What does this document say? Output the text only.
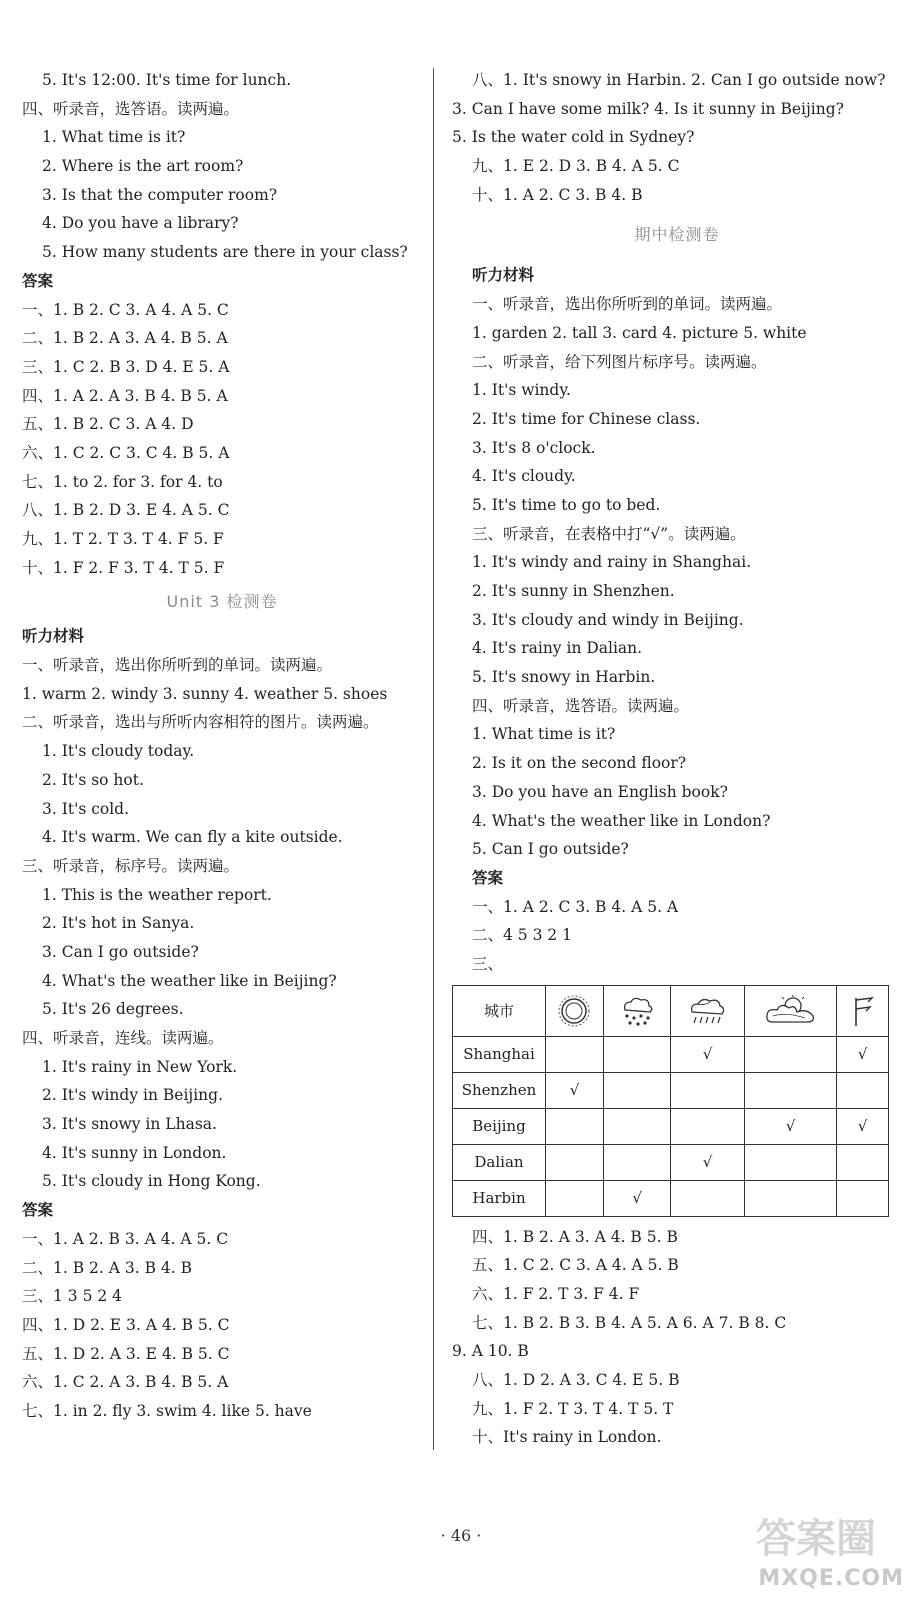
5. It's 12:00. It's time for lunch.
四、听录音，选答语。读两遍。
1. What time is it?
2. Where is the art room?
3. Is that the computer room?
4. Do you have a library?
5. How many students are there in your class?
答案
一、1. B 2. C 3. A 4. A 5. C
二、1. B 2. A 3. A 4. B 5. A
三、1. C 2. B 3. D 4. E 5. A
四、1. A 2. A 3. B 4. B 5. A
五、1. B 2. C 3. A 4. D
六、1. C 2. C 3. C 4. B 5. A
七、1. to 2. for 3. for 4. to
八、1. B 2. D 3. E 4. A 5. C
九、1. T 2. T 3. T 4. F 5. F
十、1. F 2. F 3. T 4. T 5. F
Unit 3 检测卷
听力材料
一、听录音，选出你所听到的单词。读两遍。
1. warm 2. windy 3. sunny 4. weather 5. shoes
二、听录音，选出与所听内容相符的图片。读两遍。
1. It's cloudy today.
2. It's so hot.
3. It's cold.
4. It's warm. We can fly a kite outside.
三、听录音，标序号。读两遍。
1. This is the weather report.
2. It's hot in Sanya.
3. Can I go outside?
4. What's the weather like in Beijing?
5. It's 26 degrees.
四、听录音，连线。读两遍。
1. It's rainy in New York.
2. It's windy in Beijing.
3. It's snowy in Lhasa.
4. It's sunny in London.
5. It's cloudy in Hong Kong.
答案
一、1. A 2. B 3. A 4. A 5. C
二、1. B 2. A 3. B 4. B
三、1 3 5 2 4
四、1. D 2. E 3. A 4. B 5. C
五、1. D 2. A 3. E 4. B 5. C
六、1. C 2. A 3. B 4. B 5. A
七、1. in 2. fly 3. swim 4. like 5. have
八、1. It's snowy in Harbin. 2. Can I go outside now?
3. Can I have some milk? 4. Is it sunny in Beijing?
5. Is the water cold in Sydney?
九、1. E 2. D 3. B 4. A 5. C
十、1. A 2. C 3. B 4. B
期中检测卷
听力材料
一、听录音，选出你所听到的单词。读两遍。
1. garden 2. tall 3. card 4. picture 5. white
二、听录音，给下列图片标序号。读两遍。
1. It's windy.
2. It's time for Chinese class.
3. It's 8 o'clock.
4. It's cloudy.
5. It's time to go to bed.
三、听录音，在表格中打“√”。读两遍。
1. It's windy and rainy in Shanghai.
2. It's sunny in Shenzhen.
3. It's cloudy and windy in Beijing.
4. It's rainy in Dalian.
5. It's snowy in Harbin.
四、听录音，选答语。读两遍。
1. What time is it?
2. Is it on the second floor?
3. Do you have an English book?
4. What's the weather like in London?
5. Can I go outside?
答案
一、1. A 2. C 3. B 4. A 5. A
二、4 5 3 2 1
三、
城市	

Shanghai			√		√
Shenzhen	√				
Beijing				√	√
Dalian			√		
Harbin		√			
四、1. B 2. A 3. A 4. B 5. B
五、1. C 2. C 3. A 4. A 5. B
六、1. F 2. T 3. F 4. F
七、1. B 2. B 3. B 4. A 5. A 6. A 7. B 8. C
9. A 10. B
八、1. D 2. A 3. C 4. E 5. B
九、1. F 2. T 3. T 4. T 5. T
十、It's rainy in London.
· 46 ·	答案圈
MXQE.COM
